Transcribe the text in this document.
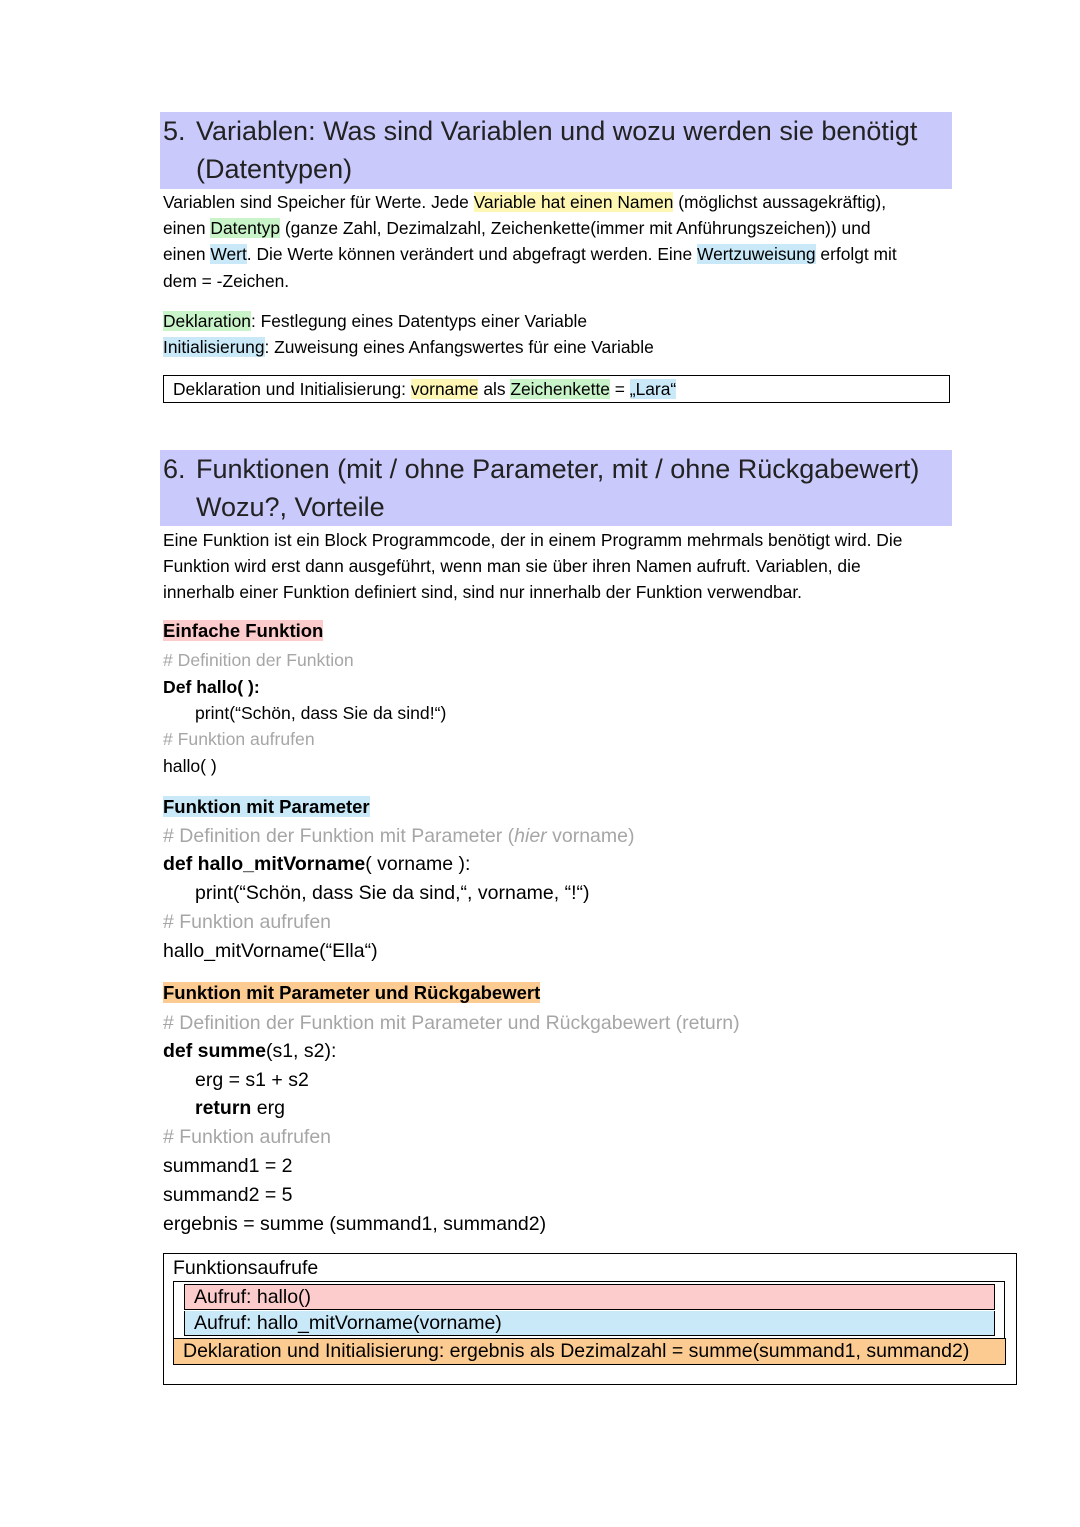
5. Variablen: Was sind Variablen und wozu werden sie benötigt
(Datentypen)
Variablen sind Speicher für Werte. Jede Variable hat einen Namen (möglichst aussagekräftig),
einen Datentyp (ganze Zahl, Dezimalzahl, Zeichenkette(immer mit Anführungszeichen)) und
einen Wert. Die Werte können verändert und abgefragt werden. Eine Wertzuweisung erfolgt mit
dem = -Zeichen.
Deklaration: Festlegung eines Datentyps einer Variable
Initialisierung: Zuweisung eines Anfangswertes für eine Variable
Deklaration und Initialisierung: vorname als Zeichenkette = „Lara“
6. Funktionen (mit / ohne Parameter, mit / ohne Rückgabewert)
Wozu?, Vorteile
Eine Funktion ist ein Block Programmcode, der in einem Programm mehrmals benötigt wird. Die
Funktion wird erst dann ausgeführt, wenn man sie über ihren Namen aufruft. Variablen, die
innerhalb einer Funktion definiert sind, sind nur innerhalb der Funktion verwendbar.
Einfache Funktion
# Definition der Funktion
Def hallo( ):
print(“Schön, dass Sie da sind!“)
# Funktion aufrufen
hallo( )
Funktion mit Parameter
# Definition der Funktion mit Parameter (hier vorname)
def hallo_mitVorname( vorname ):
print(“Schön, dass Sie da sind,“, vorname, “!“)
# Funktion aufrufen
hallo_mitVorname(“Ella“)
Funktion mit Parameter und Rückgabewert
# Definition der Funktion mit Parameter und Rückgabewert (return)
def summe(s1, s2):
erg = s1 + s2
return erg
# Funktion aufrufen
summand1 = 2
summand2 = 5
ergebnis = summe (summand1, summand2)
Funktionsaufrufe
Aufruf: hallo()
Aufruf: hallo_mitVorname(vorname)
Deklaration und Initialisierung: ergebnis als Dezimalzahl = summe(summand1, summand2)
